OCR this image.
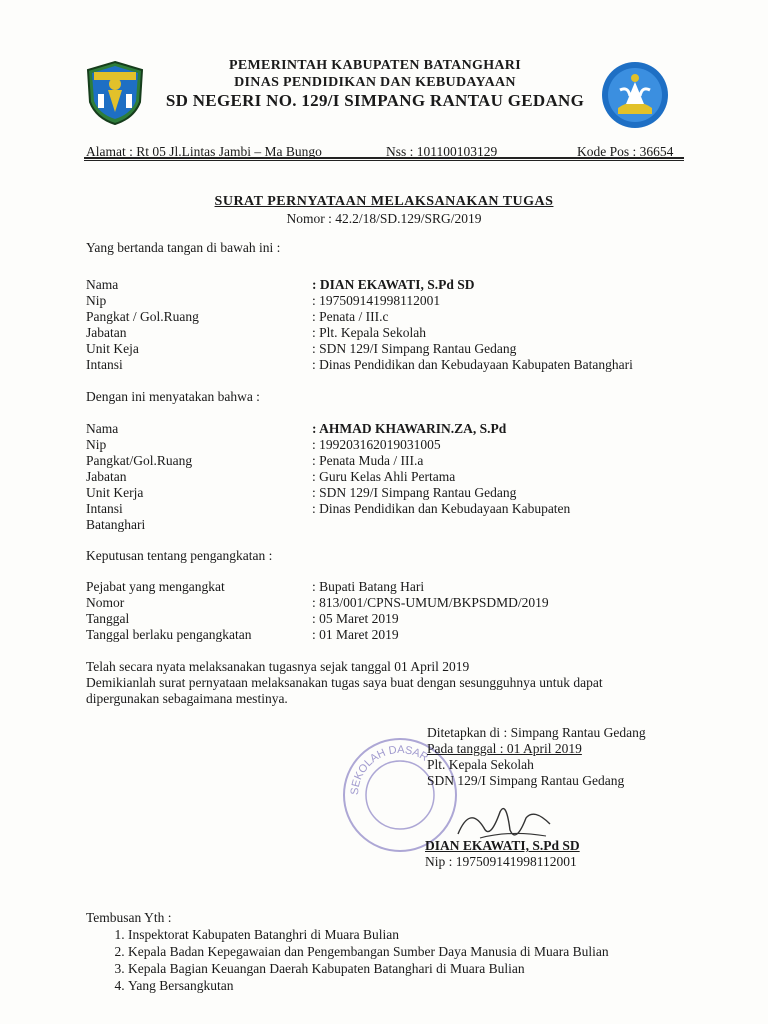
PEMERINTAH KABUPATEN BATANGHARI
DINAS PENDIDIKAN DAN KEBUDAYAAN
SD NEGERI NO. 129/I SIMPANG RANTAU GEDANG
Alamat : Rt 05 Jl.Lintas Jambi – Ma Bungo	Nss : 101100103129	Kode Pos : 36654
SURAT PERNYATAAN MELAKSANAKAN TUGAS
Nomor : 42.2/18/SD.129/SRG/2019
Yang bertanda tangan di bawah ini :
Nama	: DIAN EKAWATI, S.Pd SD
Nip	: 197509141998112001
Pangkat / Gol.Ruang	: Penata / III.c
Jabatan	: Plt. Kepala Sekolah
Unit Keja	: SDN 129/I Simpang Rantau Gedang
Intansi	: Dinas Pendidikan dan Kebudayaan Kabupaten Batanghari
Dengan ini menyatakan bahwa :
Nama	: AHMAD KHAWARIN.ZA, S.Pd
Nip	: 199203162019031005
Pangkat/Gol.Ruang	: Penata Muda / III.a
Jabatan	: Guru Kelas Ahli Pertama
Unit Kerja	: SDN 129/I Simpang Rantau Gedang
Intansi	: Dinas Pendidikan dan Kebudayaan Kabupaten
Batanghari
Keputusan tentang pengangkatan :
Pejabat yang mengangkat	: Bupati Batang Hari
Nomor	: 813/001/CPNS-UMUM/BKPSDMD/2019
Tanggal	: 05 Maret 2019
Tanggal berlaku pengangkatan	: 01 Maret 2019
Telah secara nyata melaksanakan tugasnya sejak tanggal 01 April 2019
Demikianlah surat pernyataan melaksanakan tugas saya buat dengan sesungguhnya untuk dapat
dipergunakan sebagaimana mestinya.
SEKOLAH DASAR
Ditetapkan di : Simpang Rantau Gedang
Pada tanggal : 01 April 2019
Plt. Kepala Sekolah
SDN 129/I Simpang Rantau Gedang
DIAN EKAWATI, S.Pd SD
Nip : 197509141998112001
Tembusan Yth :
1. Inspektorat Kabupaten Batanghri di Muara Bulian
2. Kepala Badan Kepegawaian dan Pengembangan Sumber Daya Manusia di Muara Bulian
3. Kepala Bagian Keuangan Daerah Kabupaten Batanghari di Muara Bulian
4. Yang Bersangkutan
